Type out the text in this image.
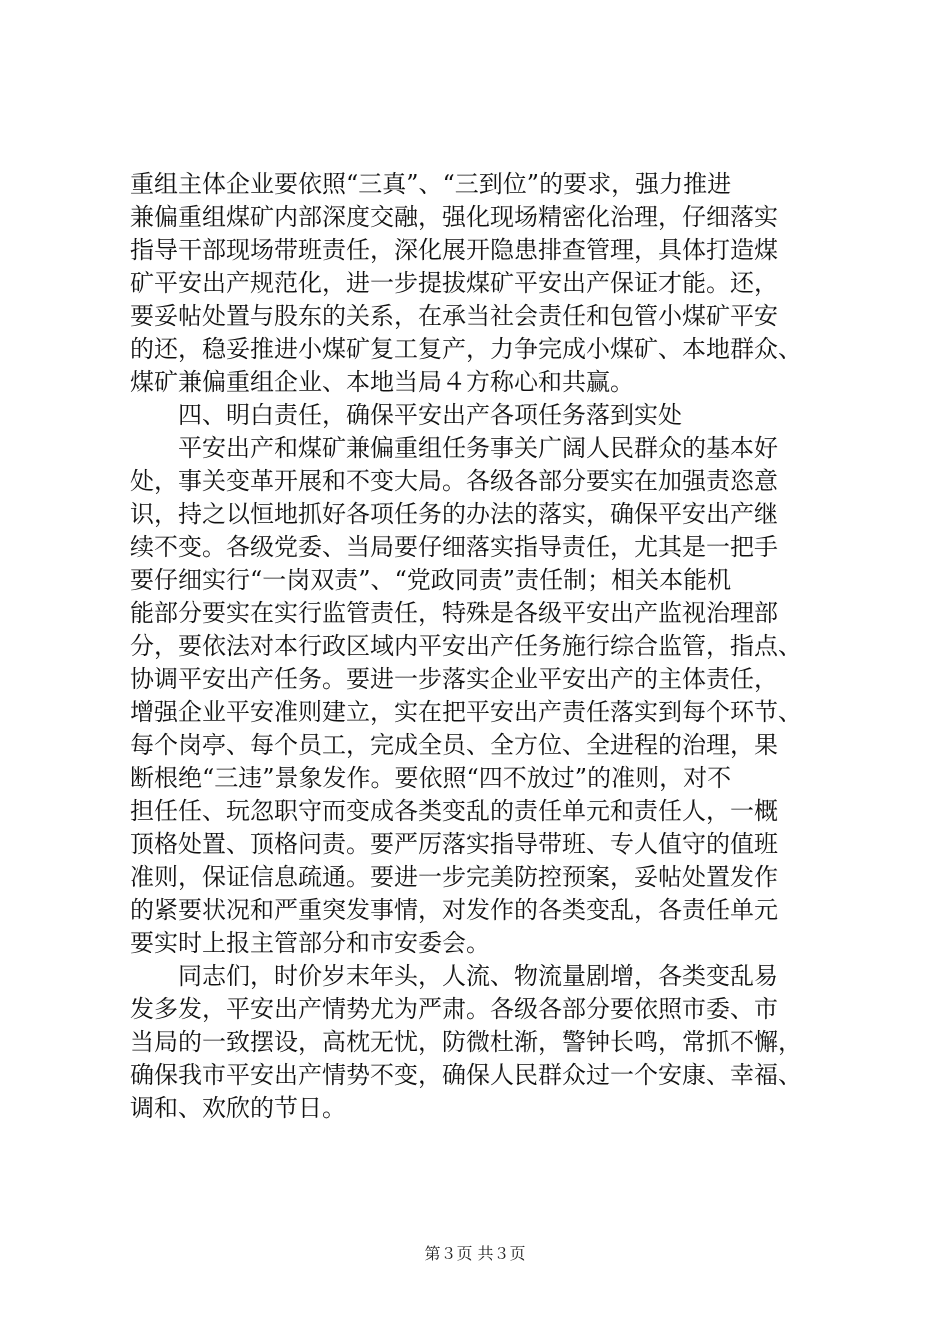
重组主体企业要依照“三真”、“三到位”的要求，强力推进
兼偏重组煤矿内部深度交融，强化现场精密化治理，仔细落实
指导干部现场带班责任，深化展开隐患排查管理，具体打造煤
矿平安出产规范化，进一步提拔煤矿平安出产保证才能。还，
要妥帖处置与股东的关系，在承当社会责任和包管小煤矿平安
的还，稳妥推进小煤矿复工复产，力争完成小煤矿、本地群众、
煤矿兼偏重组企业、本地当局４方称心和共赢。
　　四、明白责任，确保平安出产各项任务落到实处
　　平安出产和煤矿兼偏重组任务事关广阔人民群众的基本好
处，事关变革开展和不变大局。各级各部分要实在加强责恣意
识，持之以恒地抓好各项任务的办法的落实，确保平安出产继
续不变。各级党委、当局要仔细落实指导责任，尤其是一把手
要仔细实行“一岗双责”、“党政同责”责任制；相关本能机
能部分要实在实行监管责任，特殊是各级平安出产监视治理部
分，要依法对本行政区域内平安出产任务施行综合监管，指点、
协调平安出产任务。要进一步落实企业平安出产的主体责任，
增强企业平安准则建立，实在把平安出产责任落实到每个环节、
每个岗亭、每个员工，完成全员、全方位、全进程的治理，果
断根绝“三违”景象发作。要依照“四不放过”的准则，对不
担任任、玩忽职守而变成各类变乱的责任单元和责任人，一概
顶格处置、顶格问责。要严厉落实指导带班、专人值守的值班
准则，保证信息疏通。要进一步完美防控预案，妥帖处置发作
的紧要状况和严重突发事情，对发作的各类变乱，各责任单元
要实时上报主管部分和市安委会。
　　同志们，时价岁末年头，人流、物流量剧增，各类变乱易
发多发，平安出产情势尤为严肃。各级各部分要依照市委、市
当局的一致摆设，高枕无忧，防微杜渐，警钟长鸣，常抓不懈，
确保我市平安出产情势不变，确保人民群众过一个安康、幸福、
调和、欢欣的节日。
第３页 共３页
